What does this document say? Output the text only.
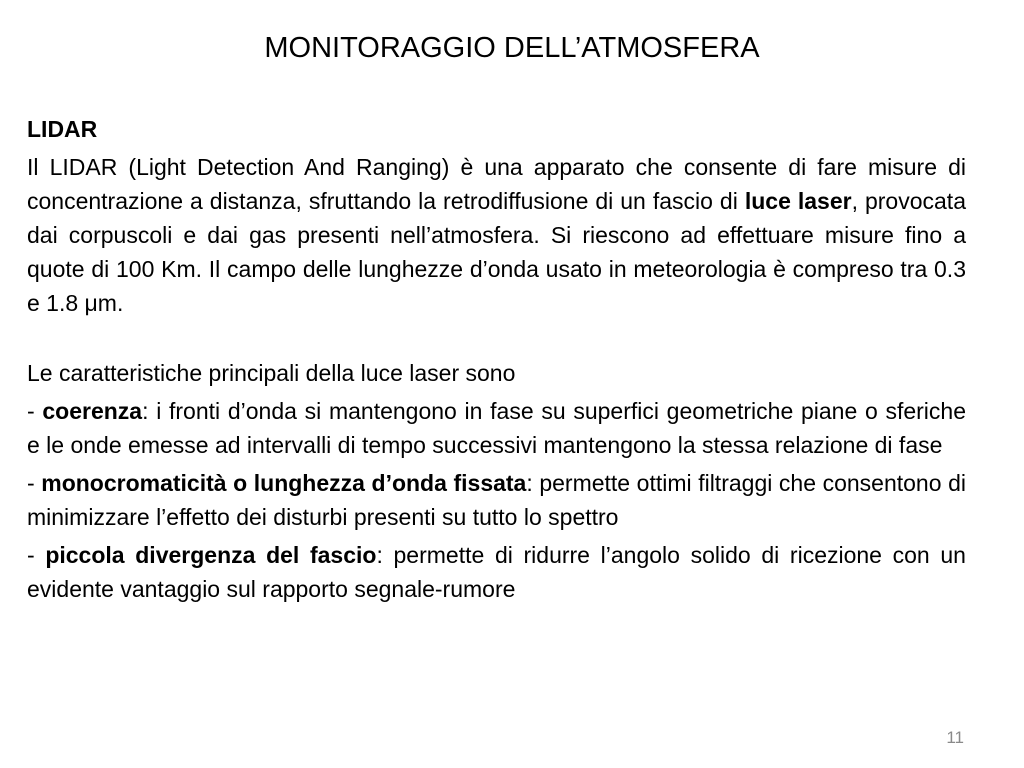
MONITORAGGIO DELL’ATMOSFERA

LIDAR

Il LIDAR (Light Detection And Ranging) è una apparato che consente di fare misure di concentrazione a distanza, sfruttando la retrodiffusione di un fascio di luce laser, provocata dai corpuscoli e dai gas presenti nell’atmosfera. Si riescono ad effettuare misure fino a quote di 100 Km. Il campo delle lunghezze d’onda usato in meteorologia è compreso tra 0.3 e 1.8 μm.

Le caratteristiche principali della luce laser sono

- coerenza: i fronti d’onda si mantengono in fase su superfici geometriche piane o sferiche e le onde emesse ad intervalli di tempo successivi mantengono la stessa relazione di fase

- monocromaticità o lunghezza d’onda fissata: permette ottimi filtraggi che consentono di minimizzare l’effetto dei disturbi presenti su tutto lo spettro

- piccola divergenza del fascio: permette di ridurre l’angolo solido di ricezione con un evidente vantaggio sul rapporto segnale-rumore

11
